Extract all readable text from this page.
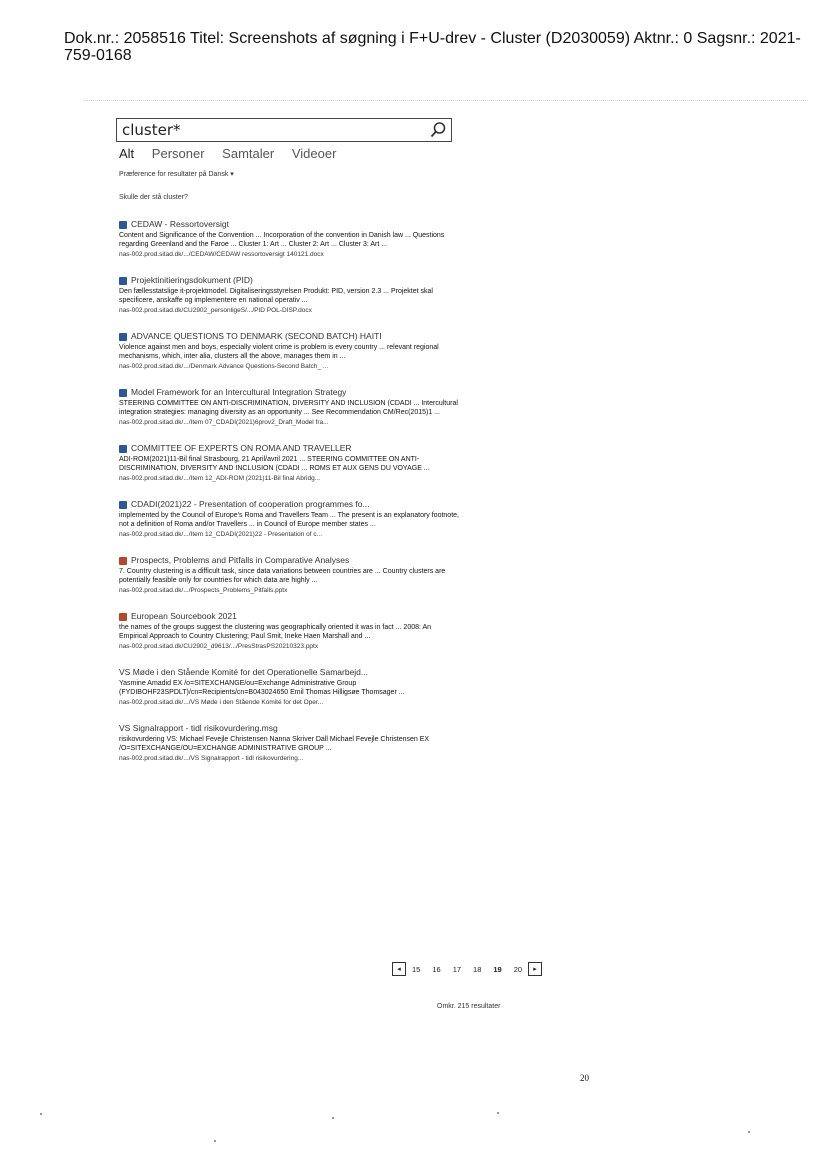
Dok.nr.: 2058516 Titel: Screenshots af søgning i F+U-drev - Cluster (D2030059) Aktnr.: 0 Sagsnr.: 2021-759-0168
cluster*
Alt Personer Samtaler Videoer
Præference for resultater på Dansk ▾
Skulle der stå cluster?
CEDAW - Ressortoversigt
Content and Significance of the Convention ... Incorporation of the convention in Danish law ... Questions regarding Greenland and the Faroe ... Cluster 1: Art ... Cluster 2: Art ... Cluster 3: Art ...
nas-002.prod.sitad.dk/.../CEDAW/CEDAW ressortoversigt 140121.docx
Projektinitieringsdokument (PID)
Den fællesstatslige it-projektmodel. Digitaliseringsstyrelsen Produkt: PID, version 2.3 ... Projektet skal specificere, anskaffe og implementere en national operativ ...
nas-002.prod.sitad.dk/CU2902_personligeS/.../PID POL-DISP.docx
ADVANCE QUESTIONS TO DENMARK (SECOND BATCH) HAITI
Violence against men and boys, especially violent crime is problem is every country ... relevant regional mechanisms, which, inter alia, clusters all the above, manages them in ...
nas-002.prod.sitad.dk/.../Denmark Advance Questions-Second Batch_ ...
Model Framework for an Intercultural Integration Strategy
STEERING COMMITTEE ON ANTI-DISCRIMINATION, DIVERSITY AND INCLUSION (CDADI ... Intercultural integration strategies: managing diversity as an opportunity ... See Recommendation CM/Rec(2015)1 ...
nas-002.prod.sitad.dk/.../Item 07_CDADI(2021)6prov2_Draft_Model fra...
COMMITTEE OF EXPERTS ON ROMA AND TRAVELLER
ADI-ROM(2021)11-Bil final Strasbourg, 21 April/avril 2021 ... STEERING COMMITTEE ON ANTI-DISCRIMINATION, DIVERSITY AND INCLUSION (CDADI ... ROMS ET AUX GENS DU VOYAGE ...
nas-002.prod.sitad.dk/.../Item 12_ADI-ROM (2021)11-Bil final Abridg...
CDADI(2021)22 - Presentation of cooperation programmes fo...
implemented by the Council of Europe's Roma and Travellers Team ... The present is an explanatory footnote, not a definition of Roma and/or Travellers ... in Council of Europe member states ...
nas-002.prod.sitad.dk/.../Item 12_CDADI(2021)22 - Presentation of c...
Prospects, Problems and Pitfalls in Comparative Analyses
7. Country clustering is a difficult task, since data variations between countries are ... Country clusters are potentially feasible only for countries for which data are highly ...
nas-002.prod.sitad.dk/.../Prospects_Problems_Pitfalls.pptx
European Sourcebook 2021
the names of the groups suggest the clustering was geographically oriented it was in fact ... 2008: An Empirical Approach to Country Clustering; Paul Smit, Ineke Haen Marshall and ...
nas-002.prod.sitad.dk/CU2902_d9613/.../PresStrasPS20210323.pptx
VS Møde i den Stående Komité for det Operationelle Samarbejd...
Yasmine Amadid EX /o=SITEXCHANGE/ou=Exchange Administrative Group (FYDIBOHF23SPDLT)/cn=Recipients/cn=B043024650 Emil Thomas Hilligsøe Thomsager ...
nas-002.prod.sitad.dk/.../VS Møde i den Stående Komité for det Oper...
VS Signalrapport - tidl risikovurdering.msg
risikovurdering VS: Michael Fevejle Christensen Nanna Skriver Dall Michael Fevejle Christensen EX /O=SITEXCHANGE/OU=EXCHANGE ADMINISTRATIVE GROUP ...
nas-002.prod.sitad.dk/.../VS Signalrapport - tidl risikovurdering...
◂	15 16 17 18 19 20	▸
Omkr. 215 resultater
20
